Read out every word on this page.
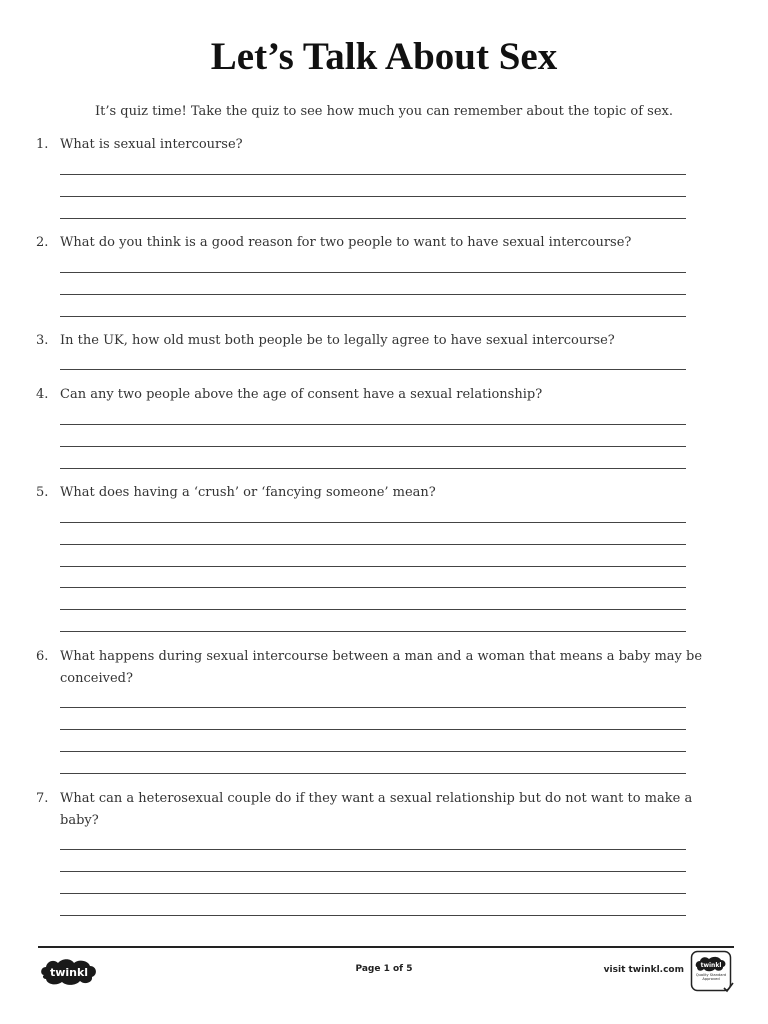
Let’s Talk About Sex
It’s quiz time! Take the quiz to see how much you can remember about the topic of sex.
1. What is sexual intercourse?
2. What do you think is a good reason for two people to want to have sexual intercourse?
3. In the UK, how old must both people be to legally agree to have sexual intercourse?
4. Can any two people above the age of consent have a sexual relationship?
5. What does having a ‘crush’ or ‘fancying someone’ mean?
6. What happens during sexual intercourse between a man and a woman that means a baby may be conceived?
7. What can a heterosexual couple do if they want a sexual relationship but do not want to make a baby?
twinkl	Page 1 of 5	visit twinkl.com	twinkl
Quality Standard Approved
